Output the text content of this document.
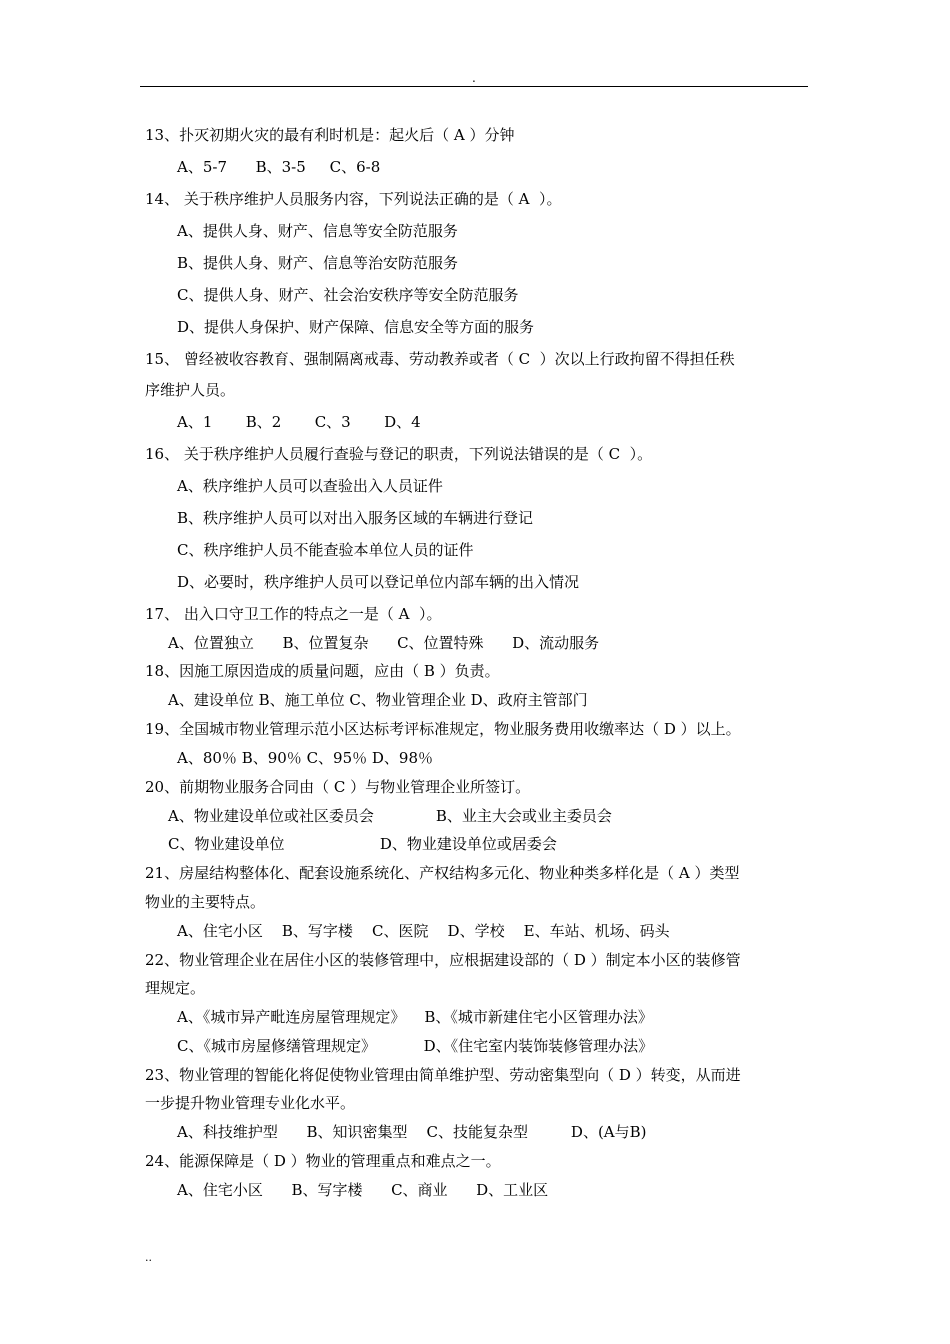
.
13、扑灭初期火灾的最有利时机是：起火后（ A ）分钟
A、5-7      B、3-5     C、6-8
14、 关于秩序维护人员服务内容，下列说法正确的是（ A  ）。
A、提供人身、财产、信息等安全防范服务
B、提供人身、财产、信息等治安防范服务
C、提供人身、财产、社会治安秩序等安全防范服务
D、提供人身保护、财产保障、信息安全等方面的服务
15、 曾经被收容教育、强制隔离戒毒、劳动教养或者（ C  ）次以上行政拘留不得担任秩
序维护人员。
A、1       B、2       C、3       D、4
16、 关于秩序维护人员履行查验与登记的职责，下列说法错误的是（ C  ）。
A、秩序维护人员可以查验出入人员证件
B、秩序维护人员可以对出入服务区域的车辆进行登记
C、秩序维护人员不能查验本单位人员的证件
D、必要时，秩序维护人员可以登记单位内部车辆的出入情况
17、 出入口守卫工作的特点之一是（ A  ）。
A、位置独立      B、位置复杂      C、位置特殊      D、流动服务
18、因施工原因造成的质量问题，应由（ B ）负责。
A、建设单位 B、施工单位 C、物业管理企业 D、政府主管部门
19、全国城市物业管理示范小区达标考评标准规定，物业服务费用收缴率达（ D ）以上。
A、80％ B、90％ C、95％ D、98％
20、前期物业服务合同由（ C ）与物业管理企业所签订。
A、物业建设单位或社区委员会             B、业主大会或业主委员会
C、物业建设单位                    D、物业建设单位或居委会
21、房屋结构整体化、配套设施系统化、产权结构多元化、物业种类多样化是（ A ）类型
物业的主要特点。
A、住宅小区    B、写字楼    C、医院    D、学校    E、车站、机场、码头
22、物业管理企业在居住小区的装修管理中，应根据建设部的（ D ）制定本小区的装修管
理规定。
A、《城市异产毗连房屋管理规定》    B、《城市新建住宅小区管理办法》
C、《城市房屋修缮管理规定》          D、《住宅室内装饰装修管理办法》
23、物业管理的智能化将促使物业管理由简单维护型、劳动密集型向（ D ）转变，从而进
一步提升物业管理专业化水平。
A、科技维护型      B、知识密集型    C、技能复杂型         D、(A与B)
24、能源保障是（ D ）物业的管理重点和难点之一。
A、住宅小区      B、写字楼      C、商业      D、工业区
..
